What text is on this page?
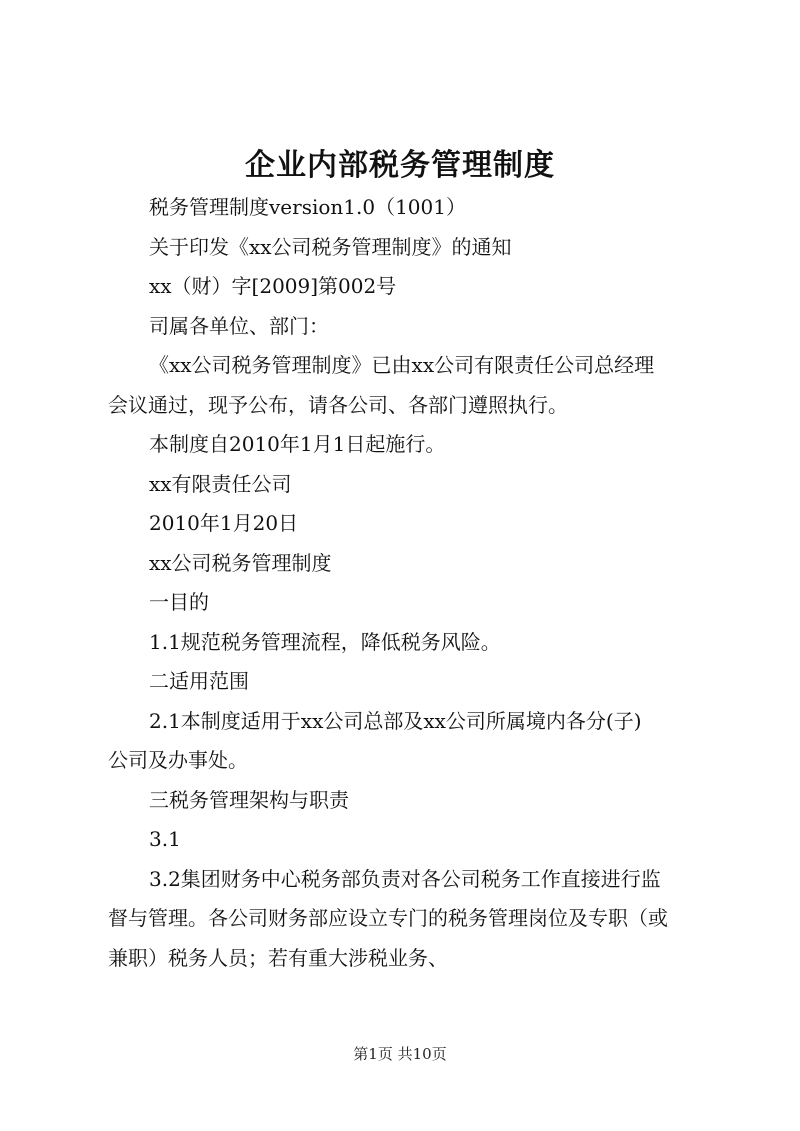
企业内部税务管理制度

税务管理制度version1.0（1001）

关于印发《xx公司税务管理制度》的通知

xx（财）字[2009]第002号

司属各单位、部门：

《xx公司税务管理制度》已由xx公司有限责任公司总经理

会议通过，现予公布，请各公司、各部门遵照执行。

本制度自2010年1月1日起施行。

xx有限责任公司

2010年1月20日

xx公司税务管理制度

一目的

1.1规范税务管理流程，降低税务风险。

二适用范围

2.1本制度适用于xx公司总部及xx公司所属境内各分(子)

公司及办事处。

三税务管理架构与职责

3.1

3.2集团财务中心税务部负责对各公司税务工作直接进行监

督与管理。各公司财务部应设立专门的税务管理岗位及专职（或

兼职）税务人员；若有重大涉税业务、

第1页 共10页
